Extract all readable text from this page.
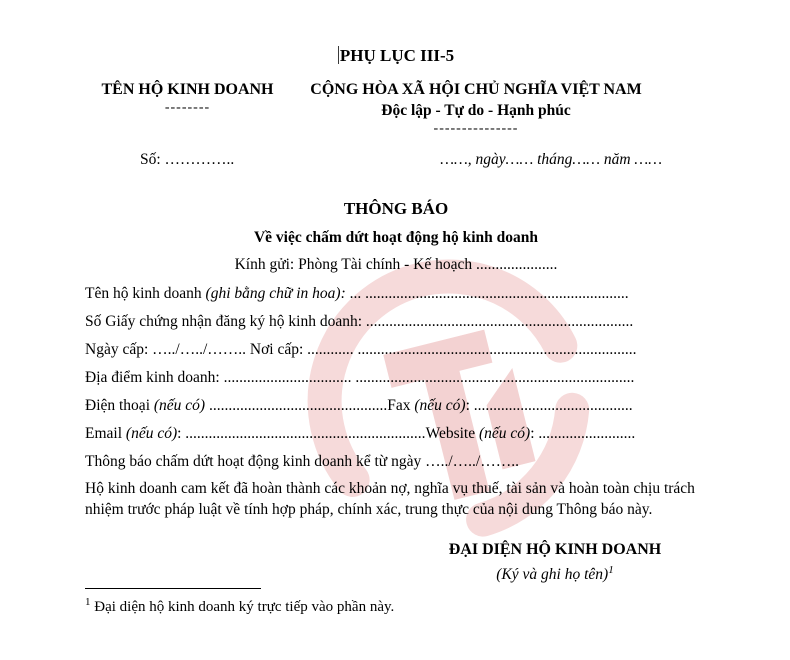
PHỤ LỤC III-5
TÊN HỘ KINH DOANH
--------
CỘNG HÒA XÃ HỘI CHỦ NGHĨA VIỆT NAM
Độc lập - Tự do - Hạnh phúc
---------------
Số: …………..	……, ngày…… tháng…… năm ……
THÔNG BÁO
Về việc chấm dứt hoạt động hộ kinh doanh
Kính gửi: Phòng Tài chính - Kế hoạch .....................
Tên hộ kinh doanh (ghi bằng chữ in hoa): ... ....................................................................
Số Giấy chứng nhận đăng ký hộ kinh doanh: .....................................................................
Ngày cấp: …../…../…….. Nơi cấp: ............ ........................................................................
Địa điểm kinh doanh: ................................. ........................................................................
Điện thoại (nếu có) ..............................................Fax (nếu có): .........................................
Email (nếu có): ..............................................................Website (nếu có): .........................
Thông báo chấm dứt hoạt động kinh doanh kể từ ngày …../…../……..

Hộ kinh doanh cam kết đã hoàn thành các khoản nợ, nghĩa vụ thuế, tài sản và hoàn toàn chịu trách nhiệm trước pháp luật về tính hợp pháp, chính xác, trung thực của nội dung Thông báo này.

ĐẠI DIỆN HỘ KINH DOANH
(Ký và ghi họ tên)$^1$
$^1$ Đại diện hộ kinh doanh ký trực tiếp vào phần này.
